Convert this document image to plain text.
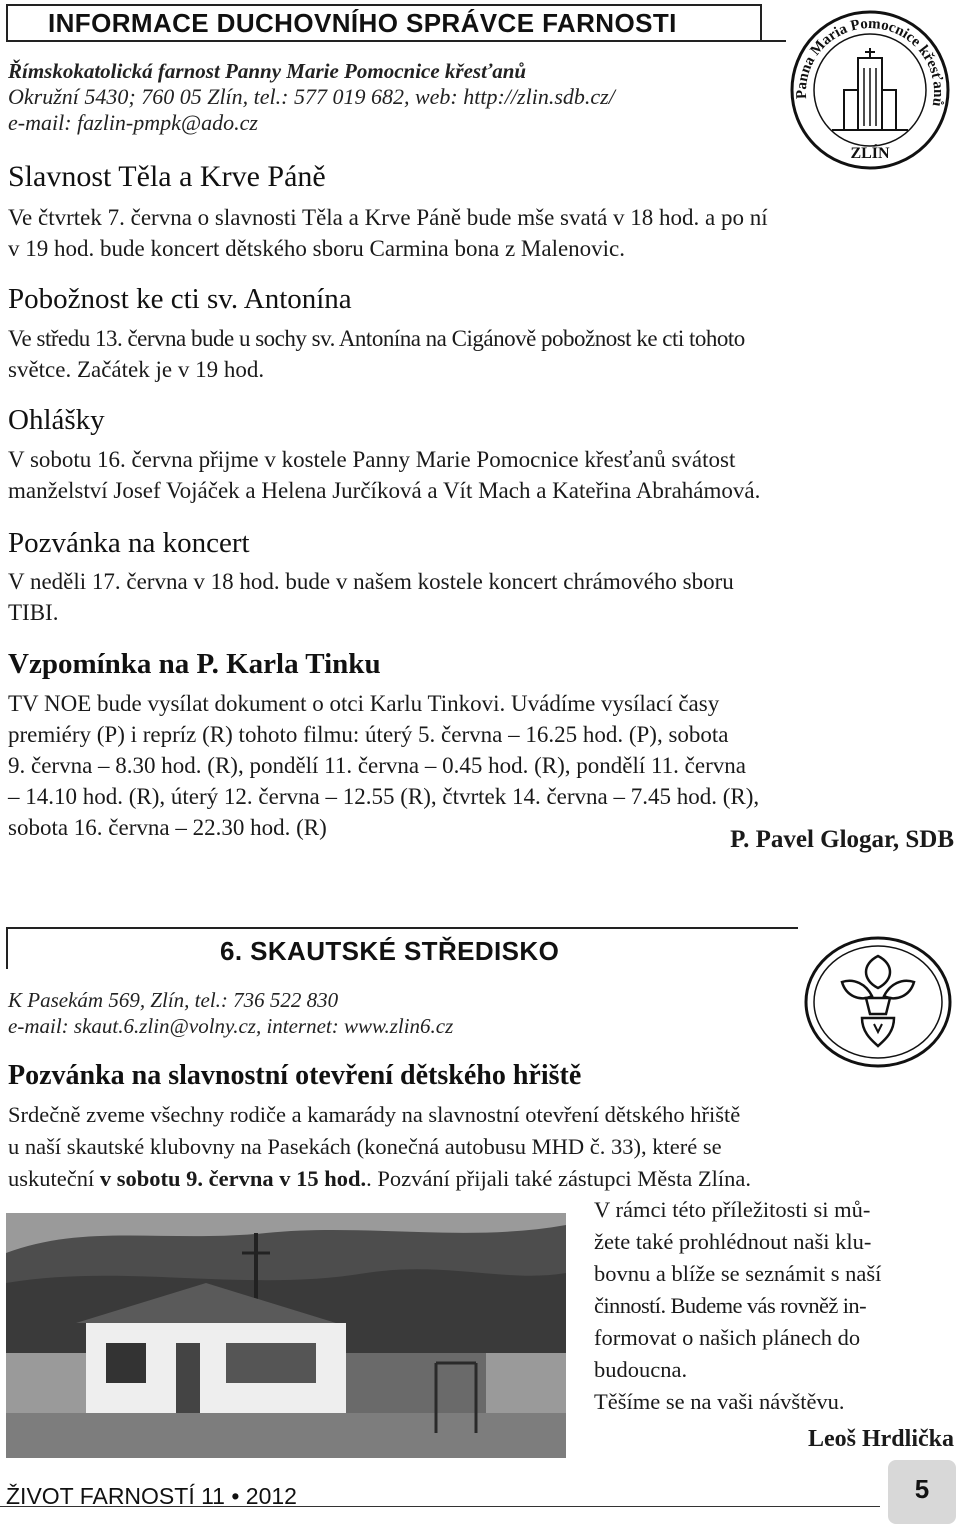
INFORMACE DUCHOVNÍHO SPRÁVCE FARNOSTI
Římskokatolická farnost Panny Marie Pomocnice křesťanů
Okružní 5430; 760 05 Zlín, tel.: 577 019 682, web: http://zlin.sdb.cz/
e-mail: fazlin-pmpk@ado.cz
Panna Maria Pomocnice křesťanů
ZLÍN
Slavnost Těla a Krve Páně
Ve čtvrtek 7. června o slavnosti Těla a Krve Páně bude mše svatá v 18 hod. a po ní
v 19 hod. bude koncert dětského sboru Carmina bona z Malenovic.
Pobožnost ke cti sv. Antonína
Ve středu 13. června bude u sochy sv. Antonína na Cigánově pobožnost ke cti tohoto
světce. Začátek je v 19 hod.
Ohlášky
V sobotu 16. června přijme v kostele Panny Marie Pomocnice křesťanů svátost
manželství Josef Vojáček a Helena Jurčíková a Vít Mach a Kateřina Abrahámová.
Pozvánka na koncert
V neděli 17. června v 18 hod. bude v našem kostele koncert chrámového sboru
TIBI.
Vzpomínka na P. Karla Tinku
TV NOE bude vysílat dokument o otci Karlu Tinkovi. Uvádíme vysílací časy
premiéry (P) i repríz (R) tohoto filmu: úterý 5. června – 16.25 hod. (P), sobota
9. června – 8.30 hod. (R), pondělí 11. června – 0.45 hod. (R), pondělí 11. června
– 14.10 hod. (R), úterý 12. června – 12.55 (R), čtvrtek 14. června – 7.45 hod. (R),
sobota 16. června – 22.30 hod. (R)	P. Pavel Glogar, SDB
6. SKAUTSKÉ STŘEDISKO
K Pasekám 569, Zlín, tel.: 736 522 830
e-mail: skaut.6.zlin@volny.cz, internet: www.zlin6.cz
Pozvánka na slavnostní otevření dětského hřiště
Srdečně zveme všechny rodiče a kamarády na slavnostní otevření dětského hřiště
u naší skautské klubovny na Pasekách (konečná autobusu MHD č. 33), které se
uskuteční v sobotu 9. června v 15 hod.. Pozvání přijali také zástupci Města Zlína.
V rámci této příležitosti si mů-
žete také prohlédnout naši klu-
bovnu a blíže se seznámit s naší
činností. Budeme vás rovněž in-
formovat o našich plánech do
budoucna.
Těšíme se na vaši návštěvu.
Leoš Hrdlička
ŽIVOT FARNOSTÍ 11 • 2012	5
